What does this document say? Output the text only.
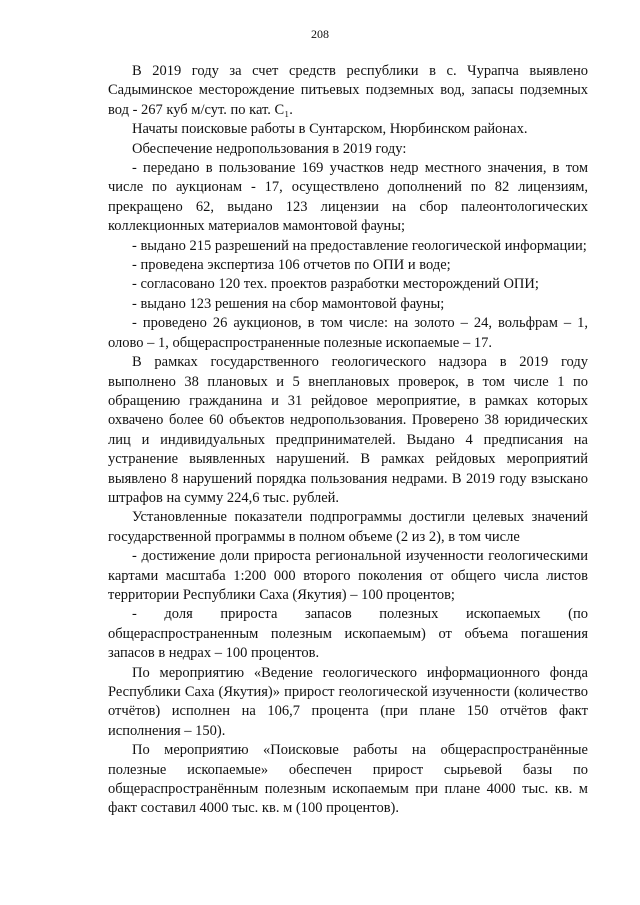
208

В 2019 году за счет средств республики в с. Чурапча выявлено Садыминское месторождение питьевых подземных вод, запасы подземных вод - 267 куб м/сут. по кат. С₁.

Начаты поисковые работы в Сунтарском, Нюрбинском районах.

Обеспечение недропользования в 2019 году:

- передано в пользование 169 участков недр местного значения, в том числе по аукционам - 17, осуществлено дополнений по 82 лицензиям, прекращено 62, выдано 123 лицензии на сбор палеонтологических коллекционных материалов мамонтовой фауны;

- выдано 215 разрешений на предоставление геологической информации;

- проведена экспертиза 106 отчетов по ОПИ и воде;

- согласовано 120 тех. проектов разработки месторождений ОПИ;

- выдано 123 решения на сбор мамонтовой фауны;

- проведено 26 аукционов, в том числе: на золото – 24, вольфрам – 1, олово – 1, общераспространенные полезные ископаемые – 17.

В рамках государственного геологического надзора в 2019 году выполнено 38 плановых и 5 внеплановых проверок, в том числе 1 по обращению гражданина и 31 рейдовое мероприятие, в рамках которых охвачено более 60 объектов недропользования. Проверено 38 юридических лиц и индивидуальных предпринимателей. Выдано 4 предписания на устранение выявленных нарушений. В рамках рейдовых мероприятий выявлено 8 нарушений порядка пользования недрами. В 2019 году взыскано штрафов на сумму 224,6 тыс. рублей.

Установленные показатели подпрограммы достигли целевых значений государственной программы в полном объеме (2 из 2), в том числе

- достижение доли прироста региональной изученности геологическими картами масштаба 1:200 000 второго поколения от общего числа листов территории Республики Саха (Якутия) – 100 процентов;

- доля прироста запасов полезных ископаемых (по общераспространенным полезным ископаемым) от объема погашения запасов в недрах – 100 процентов.

По мероприятию «Ведение геологического информационного фонда Республики Саха (Якутия)» прирост геологической изученности (количество отчётов) исполнен на 106,7 процента (при плане 150 отчётов факт исполнения – 150).

По мероприятию «Поисковые работы на общераспространённые полезные ископаемые» обеспечен прирост сырьевой базы по общераспространённым полезным ископаемым при плане 4000 тыс. кв. м факт составил 4000 тыс. кв. м (100 процентов).
